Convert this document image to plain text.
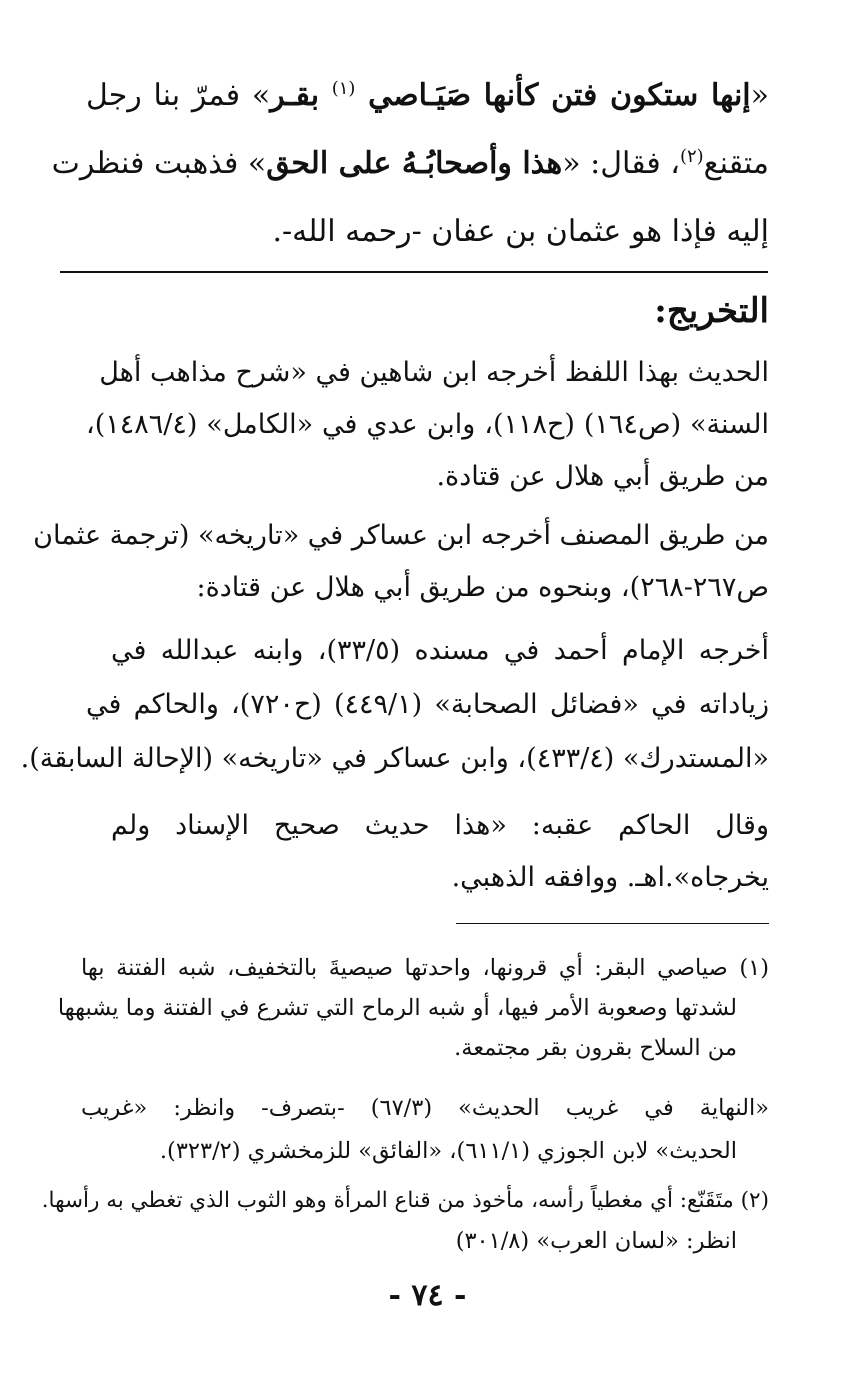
«إنها ستكون فتن كأنها صَيَـاصي $^{(١)}$ بقـر» فمرّ بنا رجل

متقنع$^{(٢)}$، فقال: «هذا وأصحابُـهُ على الحق» فذهبت فنظرت

إليه فإذا هو عثمان بن عفان -رحمه الله-.

التخريج:

الحديث بهذا اللفظ أخرجه ابن شاهين في «شرح مذاهب أهل

السنة» (ص١٦٤) (ح١١٨)، وابن عدي في «الكامل» (١٤٨٦/٤)،

من طريق أبي هلال عن قتادة.

من طريق المصنف أخرجه ابن عساكر في «تاريخه» (ترجمة عثمان

ص٢٦٧-٢٦٨)، وبنحوه من طريق أبي هلال عن قتادة:

أخرجه الإمام أحمد في مسنده (٣٣/٥)، وابنه عبدالله في

زياداته في «فضائل الصحابة» (٤٤٩/١) (ح٧٢٠)، والحاكم في

«المستدرك» (٤٣٣/٤)، وابن عساكر في «تاريخه» (الإحالة السابقة).

وقال الحاكم عقبه: «هذا حديث صحيح الإسناد ولم

يخرجاه».اهـ. ووافقه الذهبي.

(١) صياصي البقر: أي قرونها، واحدتها صيصيةَ بالتخفيف، شبه الفتنة بها

لشدتها وصعوبة الأمر فيها، أو شبه الرماح التي تشرع في الفتنة وما يشبهها

من السلاح بقرون بقر مجتمعة.

«النهاية في غريب الحديث» (٦٧/٣) -بتصرف- وانظر: «غريب

الحديث» لابن الجوزي (٦١١/١)، «الفائق» للزمخشري (٣٢٣/٢).

(٢) متَقَنّع: أي مغطياً رأسه، مأخوذ من قناع المرأة وهو الثوب الذي تغطي به رأسها.

انظر: «لسان العرب» (٣٠١/٨)

- ٧٤ -
